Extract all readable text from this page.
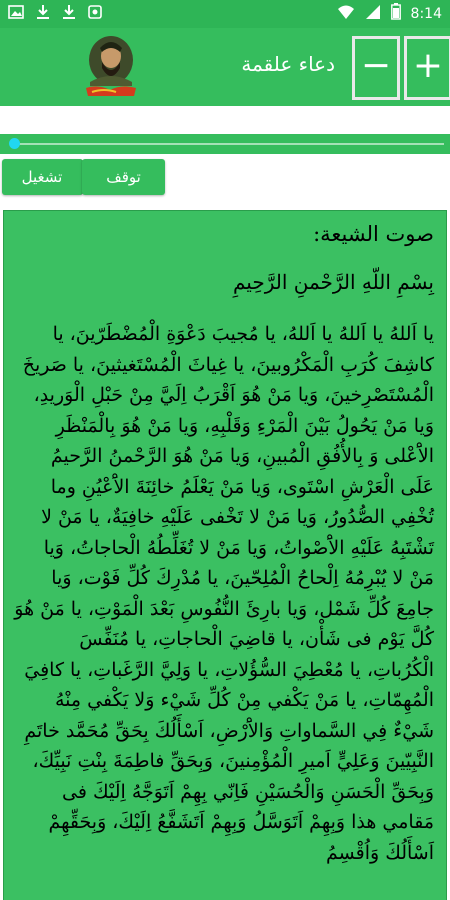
8:14
دعاء علقمة − +
تشغيل	توقف

صوت الشيعة:

بِسْمِ اللّهِ الرَّحْمنِ الرَّحِيمِ

يا اَللهُ يا اَللهُ يا اَللهُ، يا مُجيبَ دَعْوَةِ الْمُضْطَرّينَ، يا كاشِفَ كُرَبِ الْمَكْرُوبينَ، يا غِياثَ الْمُسْتَغيثينَ، يا صَريخَ الْمُسْتَصْرِخينَ، وَيا مَنْ هُوَ اَقْرَبُ اِلَيَّ مِنْ حَبْلِ الْوَريدِ، وَيا مَنْ يَحُولُ بَيْنَ الْمَرْءِ وَقَلْبِهِ، وَيا مَنْ هُوَ بِالْمَنْظَرِ الاَْعْلى وَ بِالأُفُقِ الْمُبينِ، وَيا مَنْ هُوَ الرَّحْمنُ الرَّحيمُ عَلَى الْعَرْشِ اسْتَوى، وَيا مَنْ يَعْلَمُ خائِنَةَ الاَْعْيُنِ وما تُخْفِي الصُّدُورُ، وَيا مَنْ لا تَخْفى عَلَيْهِ خافِيَةٌ، يا مَنْ لا تَشْتَبِهُ عَلَيْهِ الاَْصْواتُ، وَيا مَنْ لا تُغَلِّطُهُ الْحاجاتُ، وَيا مَنْ لا يُبْرِمُهُ اِلْحاحُ الْمُلِحّينَ، يا مُدْرِكَ كُلِّ فَوْت، وَيا جامِعَ كُلِّ شَمْل، وَيا بارِئَ النُّفُوسِ بَعْدَ الْمَوْتِ، يا مَنْ هُوَ كُلَّ يَوْم فى شَأْن، يا قاضِيَ الْحاجاتِ، يا مُنَفِّسَ الْكُرُباتِ، يا مُعْطِيَ السُّؤُلاتِ، يا وَلِيَّ الرَّغَباتِ، يا كافِيَ الْمُهِمّاتِ، يا مَنْ يَكْفي مِنْ كُلِّ شَيْء وَلا يَكْفي مِنْهُ شَيْءٌ فِي السَّماواتِ وَالاَْرْضِ، اَسْأَلُكَ بِحَقِّ مُحَمَّد خاتَمِ النَّبِيّينَ وَعَلِيٍّ اَميرِ الْمُؤْمِنينَ، وَبِحَقِّ فاطِمَةَ بِنْتِ نَبِيِّكَ، وَبِحَقِّ الْحَسَنِ وَالْحُسَيْنِ فَاِنّي بِهِمْ اَتَوَجَّهُ اِلَيْكَ فى مَقامي هذا وَبِهِمْ اَتَوَسَّلُ وَبِهِمْ اَتَشَفَّعُ اِلَيْكَ، وَبِحَقِّهِمْ اَسْأَلُكَ وَاُقْسِمُ
